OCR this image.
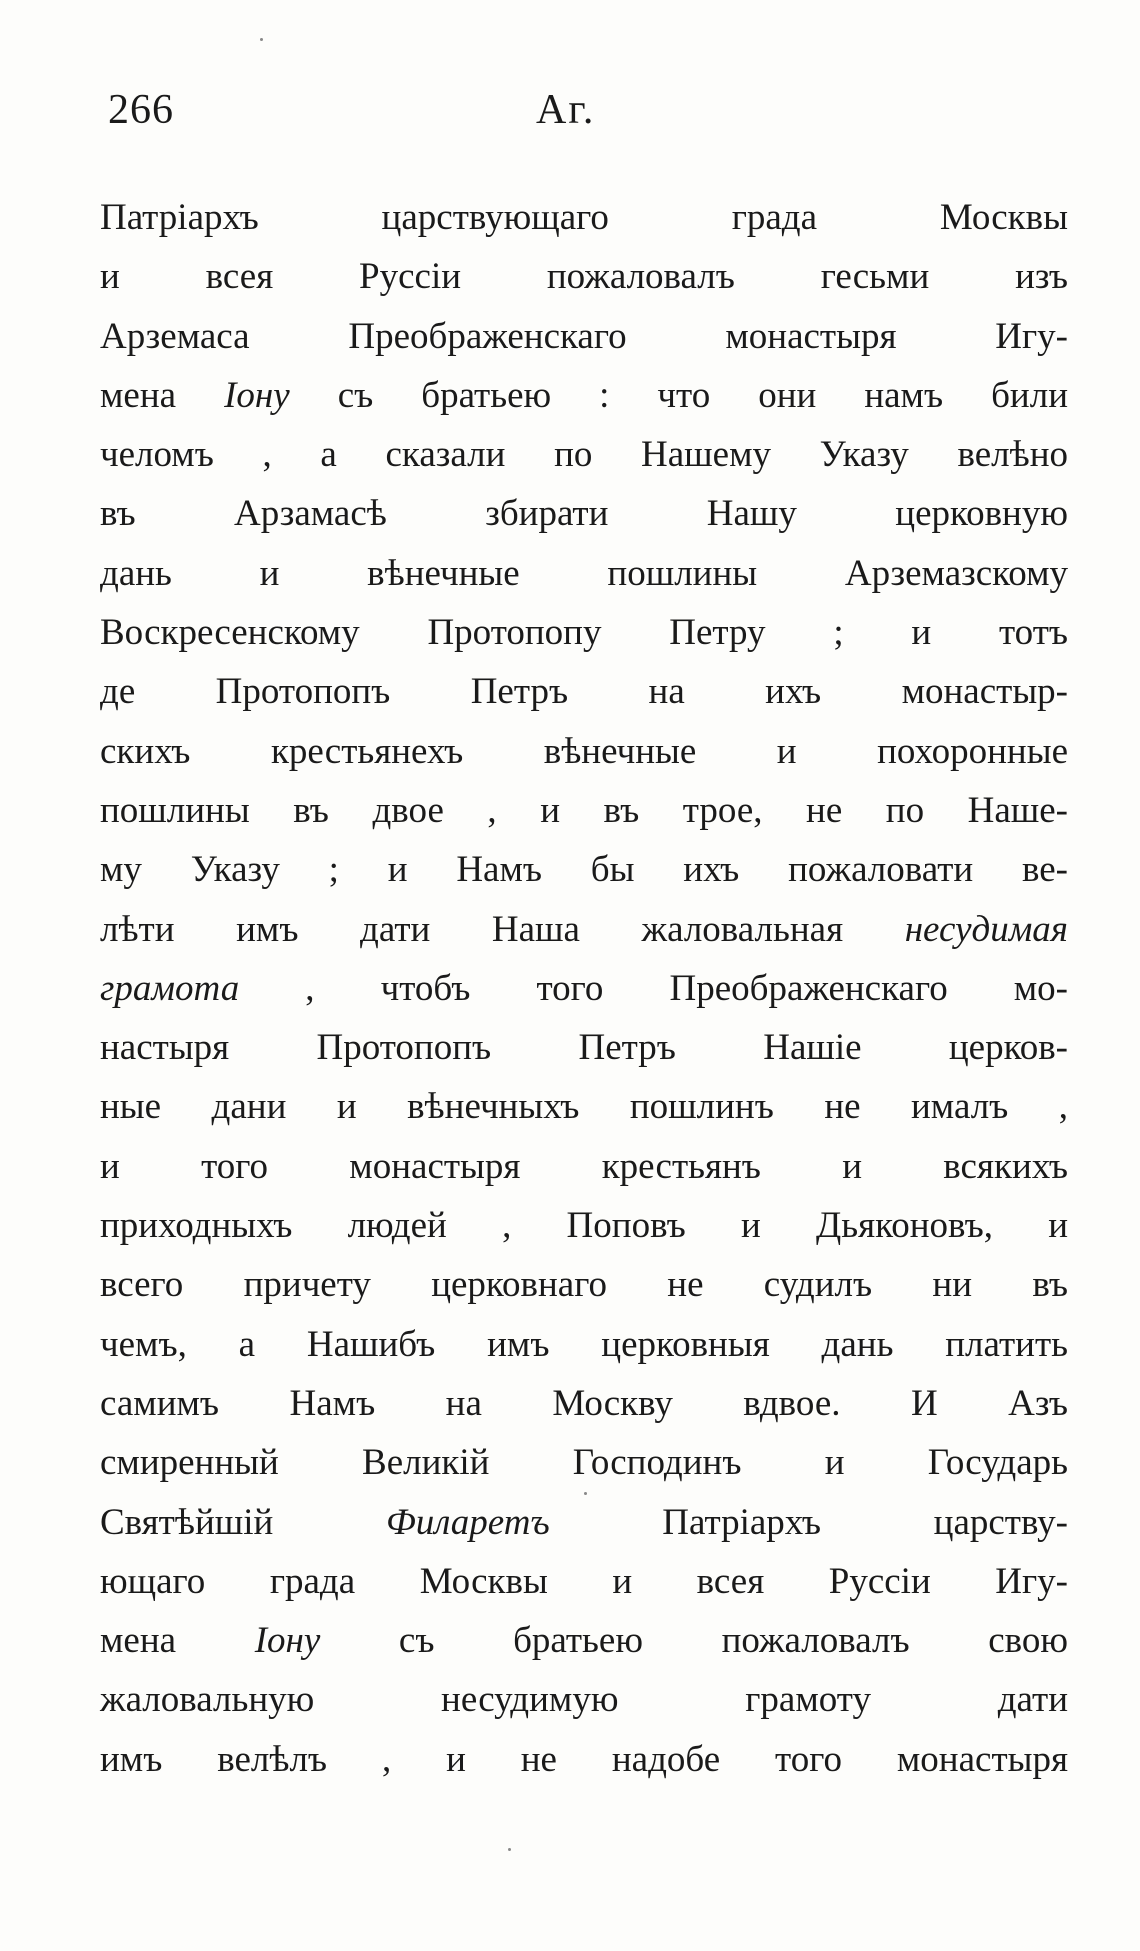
266	Аг.
Патріархъ царствующаго града Москвы
и всея Руссіи пожаловалъ гесьми изъ
Арземаса Преображенскаго монастыря Игу-
мена Іону съ братьею : что они намъ били
челомъ , а сказали по Нашему Указу велѣно
въ Арзамасѣ збирати Нашу церковную
дань и вѣнечные пошлины Арземазскому
Воскресенскому Протопопу Петру ; и тотъ
де Протопопъ Петръ на ихъ монастыр-
скихъ крестьянехъ вѣнечные и похоронные
пошлины въ двое , и въ трое, не по Наше-
му Указу ; и Намъ бы ихъ пожаловати ве-
лѣти имъ дати Наша жаловальная несудимая
грамота , чтобъ того Преображенскаго мо-
настыря Протопопъ Петръ Нашіе церков-
ные дани и вѣнечныхъ пошлинъ не ималъ ,
и того монастыря крестьянъ и всякихъ
приходныхъ людей , Поповъ и Дьяконовъ, и
всего причету церковнаго не судилъ ни въ
чемъ, а Нашибъ имъ церковныя дань платить
самимъ Намъ на Москву вдвое. И Азъ
смиренный Великій Господинъ и Государь
Святѣйшій Филаретъ Патріархъ царству-
ющаго града Москвы и всея Руссіи Игу-
мена Іону съ братьею пожаловалъ свою
жаловальную несудимую грамоту дати
имъ велѣлъ , и не надобе того монастыря
